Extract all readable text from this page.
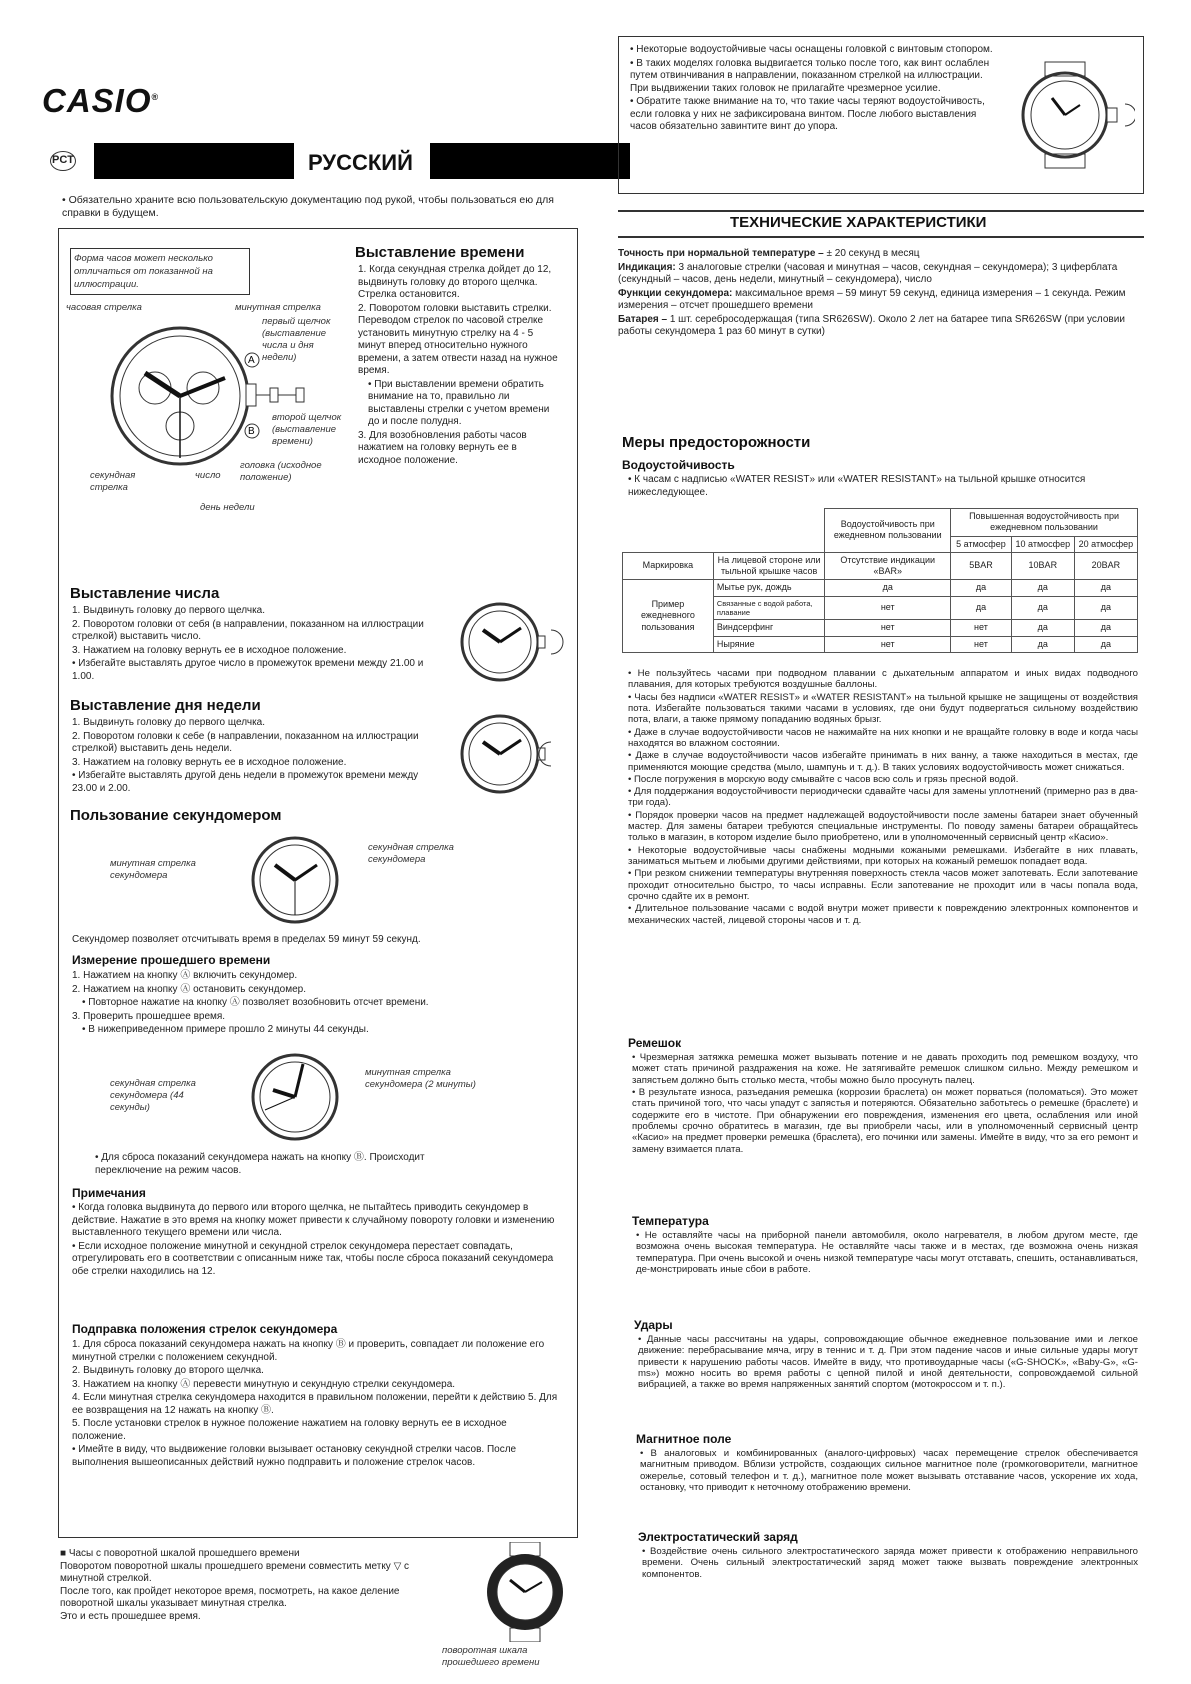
CASIO®
PCT	РУССКИЙ
• Обязательно храните всю пользовательскую документацию под рукой, чтобы пользоваться ею для справки в будущем.
Форма часов может несколько отличаться от показанной на иллюстрации.
часовая стрелка	минутная стрелка
первый щелчок (выставление числа и дня недели)
второй щелчок (выставление времени)
головка (исходное положение)
секундная стрелка
число
день недели
A
B
Выставление времени
1. Когда секундная стрелка дойдет до 12, выдвинуть головку до второго щелчка. Стрелка остановится.
2. Поворотом головки выставить стрелки. Переводом стрелок по часовой стрелке установить минутную стрелку на 4 - 5 минут вперед относительно нужного времени, а затем отвести назад на нужное время.
• При выставлении времени обратить внимание на то, правильно ли выставлены стрелки с учетом времени до и после полудня.
3. Для возобновления работы часов нажатием на головку вернуть ее в исходное положение.
Выставление числа
1. Выдвинуть головку до первого щелчка.
2. Поворотом головки от себя (в направлении, показанном на иллюстрации стрелкой) выставить число.
3. Нажатием на головку вернуть ее в исходное положение.
• Избегайте выставлять другое число в промежуток времени между 21.00 и 1.00.
Выставление дня недели
1. Выдвинуть головку до первого щелчка.
2. Поворотом головки к себе (в направлении, показанном на иллюстрации стрелкой) выставить день недели.
3. Нажатием на головку вернуть ее в исходное положение.
• Избегайте выставлять другой день недели в промежуток времени между 23.00 и 2.00.
Пользование секундомером
минутная стрелка секундомера
секундная стрелка секундомера
Секундомер позволяет отсчитывать время в пределах 59 минут 59 секунд.
Измерение прошедшего времени
1. Нажатием на кнопку Ⓐ включить секундомер.
2. Нажатием на кнопку Ⓐ остановить секундомер.
• Повторное нажатие на кнопку Ⓐ позволяет возобновить отсчет времени.
3. Проверить прошедшее время.
• В нижеприведенном примере прошло 2 минуты 44 секунды.
секундная стрелка секундомера (44 секунды)
минутная стрелка секундомера (2 минуты)
• Для сброса показаний секундомера нажать на кнопку Ⓑ. Происходит переключение на режим часов.
Примечания
• Когда головка выдвинута до первого или второго щелчка, не пытайтесь приводить секундомер в действие. Нажатие в это время на кнопку может привести к случайному повороту головки и изменению выставленного текущего времени или числа.
• Если исходное положение минутной и секундной стрелок секундомера перестает совпадать, отрегулировать его в соответствии с описанным ниже так, чтобы после сброса показаний секундомера обе стрелки находились на 12.
Подправка положения стрелок секундомера
1. Для сброса показаний секундомера нажать на кнопку Ⓑ и проверить, совпадает ли положение его минутной стрелки с положением секундной.
2. Выдвинуть головку до второго щелчка.
3. Нажатием на кнопку Ⓐ перевести минутную и секундную стрелки секундомера.
4. Если минутная стрелка секундомера находится в правильном положении, перейти к действию 5. Для ее возвращения на 12 нажать на кнопку Ⓑ.
5. После установки стрелок в нужное положение нажатием на головку вернуть ее в исходное положение.
• Имейте в виду, что выдвижение головки вызывает остановку секундной стрелки часов. После выполнения вышеописанных действий нужно подправить и положение стрелок часов.
■ Часы с поворотной шкалой прошедшего времени
Поворотом поворотной шкалы прошедшего времени совместить метку ▽ с минутной стрелкой.
После того, как пройдет некоторое время, посмотреть, на какое деление поворотной шкалы указывает минутная стрелка.
Это и есть прошедшее время.
поворотная шкала прошедшего времени
• Некоторые водоустойчивые часы оснащены головкой с винтовым стопором.
• В таких моделях головка выдвигается только после того, как винт ослаблен путем отвинчивания в направлении, показанном стрелкой на иллюстрации. При выдвижении таких головок не прилагайте чрезмерное усилие.
• Обратите также внимание на то, что такие часы теряют водоустойчивость, если головка у них не зафиксирована винтом. После любого выставления часов обязательно завинтите винт до упора.
ТЕХНИЧЕСКИЕ ХАРАКТЕРИСТИКИ
Точность при нормальной температуре – ± 20 секунд в месяц
Индикация: 3 аналоговые стрелки (часовая и минутная – часов, секундная – секундомера); 3 циферблата (секундный – часов, день недели, минутный – секундомера), число
Функции секундомера: максимальное время – 59 минут 59 секунд, единица измерения – 1 секунда. Режим измерения – отсчет прошедшего времени
Батарея – 1 шт. серебросодержащая (типа SR626SW). Около 2 лет на батарее типа SR626SW (при условии работы секундомера 1 раз 60 минут в сутки)
Меры предосторожности
Водоустойчивость
• К часам с надписью «WATER RESIST» или «WATER RESISTANT» на тыльной крышке относится нижеследующее.
		Водоустойчивость при ежедневном пользовании	Повышенная водоустойчивость при ежедневном пользовании		
			5 атмосфер	10 атмосфер	20 атмосфер
Маркировка	На лицевой стороне или тыльной крышке часов	Отсутствие индикации «BAR»	5BAR	10BAR	20BAR
Пример ежедневного пользования	Мытье рук, дождь	да	да	да	да
	Связанные с водой работа, плавание	нет	да	да	да
	Виндсерфинг	нет	нет	да	да
	Ныряние	нет	нет	да	да
• Не пользуйтесь часами при подводном плавании с дыхательным аппаратом и иных видах подводного плавания, для которых требуются воздушные баллоны.
• Часы без надписи «WATER RESIST» и «WATER RESISTANT» на тыльной крышке не защищены от воздействия пота. Избегайте пользоваться такими часами в условиях, где они будут подвергаться сильному воздействию пота, влаги, а также прямому попаданию водяных брызг.
• Даже в случае водоустойчивости часов не нажимайте на них кнопки и не вращайте головку в воде и когда часы находятся во влажном состоянии.
• Даже в случае водоустойчивости часов избегайте принимать в них ванну, а также находиться в местах, где применяются моющие средства (мыло, шампунь и т. д.). В таких условиях водоустойчивость может снижаться.
• После погружения в морскую воду смывайте с часов всю соль и грязь пресной водой.
• Для поддержания водоустойчивости периодически сдавайте часы для замены уплотнений (примерно раз в два-три года).
• Порядок проверки часов на предмет надлежащей водоустойчивости после замены батареи знает обученный мастер. Для замены батареи требуются специальные инструменты. По поводу замены батареи обращайтесь только в магазин, в котором изделие было приобретено, или в уполномоченный сервисный центр «Касио».
• Некоторые водоустойчивые часы снабжены модными кожаными ремешками. Избегайте в них плавать, заниматься мытьем и любыми другими действиями, при которых на кожаный ремешок попадает вода.
• При резком снижении температуры внутренняя поверхность стекла часов может запотевать. Если запотевание проходит относительно быстро, то часы исправны. Если запотевание не проходит или в часы попала вода, срочно сдайте их в ремонт.
• Длительное пользование часами с водой внутри может привести к повреждению электронных компонентов и механических частей, лицевой стороны часов и т. д.
Ремешок
• Чрезмерная затяжка ремешка может вызывать потение и не давать проходить под ремешком воздуху, что может стать причиной раздражения на коже. Не затягивайте ремешок слишком сильно. Между ремешком и запястьем должно быть столько места, чтобы можно было просунуть палец.
• В результате износа, разъедания ремешка (коррозии браслета) он может порваться (поломаться). Это может стать причиной того, что часы упадут с запястья и потеряются. Обязательно заботьтесь о ремешке (браслете) и содержите его в чистоте. При обнаружении его повреждения, изменения его цвета, ослабления или иной проблемы срочно обратитесь в магазин, где вы приобрели часы, или в уполномоченный сервисный центр «Касио» на предмет проверки ремешка (браслета), его починки или замены. Имейте в виду, что за его ремонт и замену взимается плата.
Температура
• Не оставляйте часы на приборной панели автомобиля, около нагревателя, в любом другом месте, где возможна очень высокая температура. Не оставляйте часы также и в местах, где возможна очень низкая температура. При очень высокой и очень низкой температуре часы могут отставать, спешить, останавливаться, де-монстрировать иные сбои в работе.
Удары
• Данные часы рассчитаны на удары, сопровождающие обычное ежедневное пользование ими и легкое движение: перебрасывание мяча, игру в теннис и т. д. При этом падение часов и иные сильные удары могут привести к нарушению работы часов. Имейте в виду, что противоударные часы («G-SHOCK», «Baby-G», «G-ms») можно носить во время работы с цепной пилой и иной деятельности, сопровождаемой сильной вибрацией, а также во время напряженных занятий спортом (мотокроссом и т. п.).
Магнитное поле
• В аналоговых и комбинированных (аналого-цифровых) часах перемещение стрелок обеспечивается магнитным приводом. Вблизи устройств, создающих сильное магнитное поле (громкоговорители, магнитное ожерелье, сотовый телефон и т. д.), магнитное поле может вызывать отставание часов, ускорение их хода, остановку, что приводит к неточному отображению времени.
Электростатический заряд
• Воздействие очень сильного электростатического заряда может привести к отображению неправильного времени. Очень сильный электростатический заряд может также вызвать повреждение электронных компонентов.
